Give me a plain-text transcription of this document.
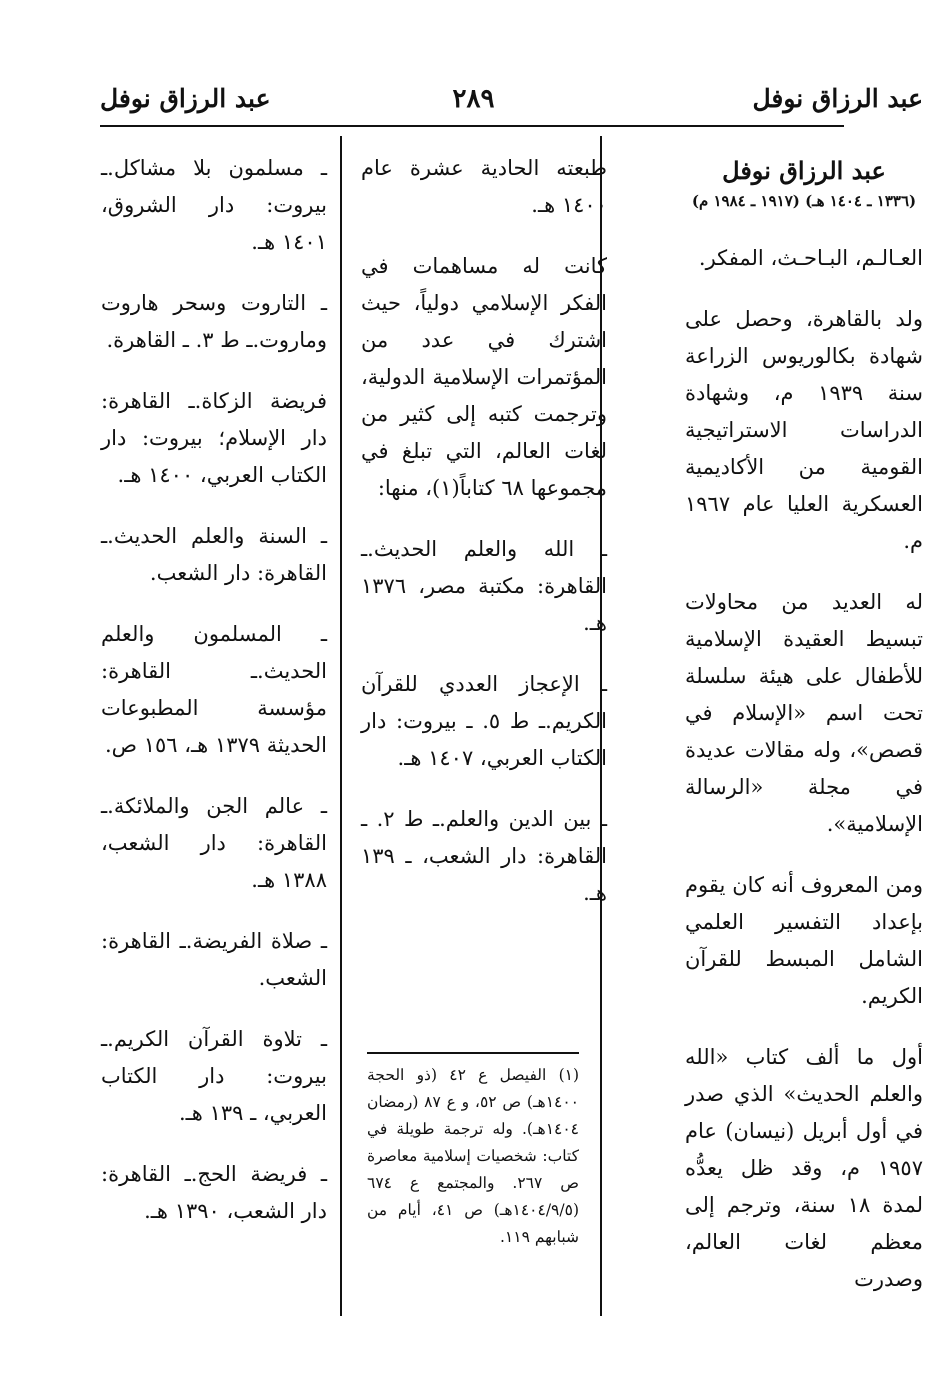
عبد الرزاق نوفل
٢٨٩
عبد الرزاق نوفل

عبد الرزاق نوفل

(١٣٣٦ ـ ١٤٠٤ هـ) (١٩١٧ ـ ١٩٨٤ م)

العـالـم، البـاحـث، المفكر.

ولد بالقاهرة، وحصل على شهادة بكالوريوس الزراعة سنة ١٩٣٩ م، وشهادة الدراسات الاستراتيجية القومية من الأكاديمية العسكرية العليا عام ١٩٦٧ م.

له العديد من محاولات تبسيط العقيدة الإسلامية للأطفال على هيئة سلسلة تحت اسم «الإسلام في قصص»، وله مقالات عديدة في مجلة «الرسالة الإسلامية».

ومن المعروف أنه كان يقوم بإعداد التفسير العلمي الشامل المبسط للقرآن الكريم.

أول ما ألف كتاب «الله والعلم الحديث» الذي صدر في أول أبريل (نيسان) عام ١٩٥٧ م، وقد ظل يعدُّه لمدة ١٨ سنة، وترجم إلى معظم لغات العالم، وصدرت

طبعته الحادية عشرة عام ١٤٠٠ هـ.

كانت له مساهمات في الفكر الإسلامي دولياً، حيث اشترك في عدد من المؤتمرات الإسلامية الدولية، وترجمت كتبه إلى كثير من لغات العالم، التي تبلغ في مجموعها ٦٨ كتاباً(١)، منها:

ـ الله والعلم الحديث.ـ القاهرة: مكتبة مصر، ١٣٧٦ هـ.

ـ الإعجاز العددي للقرآن الكريم.ـ ط ٥. ـ بيروت: دار الكتاب العربي، ١٤٠٧ هـ.

ـ بين الدين والعلم.ـ ط ٢. ـ القاهرة: دار الشعب، ـ ١٣٩ هـ.

(١) الفيصل ع ٤٢ (ذو الحجة ١٤٠٠هـ) ص ٥٢، و ع ٨٧ (رمضان ١٤٠٤هـ). وله ترجمة طويلة في كتاب: شخصيات إسلامية معاصرة ص ٢٦٧. والمجتمع ع ٦٧٤ (١٤٠٤/٩/٥هـ) ص ٤١، أيام من شبابهم ١١٩.

ـ مسلمون بلا مشاكل.ـ بيروت: دار الشروق، ١٤٠١ هـ.

ـ التاروت وسحر هاروت وماروت.ـ ط ٣. ـ القاهرة.

فريضة الزكاة.ـ القاهرة: دار الإسلام؛ بيروت: دار الكتاب العربي، ١٤٠٠ هـ.

ـ السنة والعلم الحديث.ـ القاهرة: دار الشعب.

ـ المسلمون والعلم الحديث.ـ القاهرة: مؤسسة المطبوعات الحديثة ١٣٧٩ هـ، ١٥٦ ص.

ـ عالم الجن والملائكة.ـ القاهرة: دار الشعب، ١٣٨٨ هـ.

ـ صلاة الفريضة.ـ القاهرة: الشعب.

ـ تلاوة القرآن الكريم.ـ بيروت: دار الكتاب العربي، ـ ١٣٩ هـ.

ـ فريضة الحج.ـ القاهرة: دار الشعب، ١٣٩٠ هـ.
